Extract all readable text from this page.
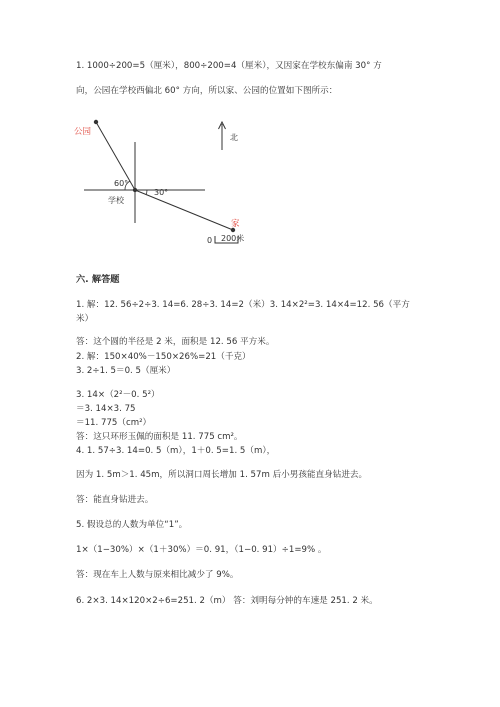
1. 1000÷200=5（厘米），800÷200=4（厘米），又因家在学校东偏南 30° 方
向，公园在学校西偏北 60° 方向，所以家、公园的位置如下图所示：
公园
学校
家
60°
30°
北
0 200米
六. 解答题
1. 解：12. 56÷2÷3. 14=6. 28÷3. 14=2（米）3. 14×2²=3. 14×4=12. 56（平方
米）
答：这个圆的半径是 2 米，面积是 12. 56 平方米。
2. 解：150×40%－150×26%=21（千克）
3. 2÷1. 5＝0. 5（厘米）
3. 14×（2²－0. 5²）
＝3. 14×3. 75
＝11. 775（cm²）
答：这只环形玉佩的面积是 11. 775 cm²。
4. 1. 57÷3. 14=0. 5（m），1＋0. 5=1. 5（m），
因为 1. 5m＞1. 45m，所以洞口周长增加 1. 57m 后小男孩能直身钻进去。
答：能直身钻进去。
5. 假设总的人数为单位“1”。
1×（1−30%）×（1＋30%）＝0. 91，（1−0. 91）÷1=9% 。
答：现在车上人数与原来相比减少了 9%。
6. 2×3. 14×120×2÷6=251. 2（m） 答：刘明每分钟的车速是 251. 2 米。
